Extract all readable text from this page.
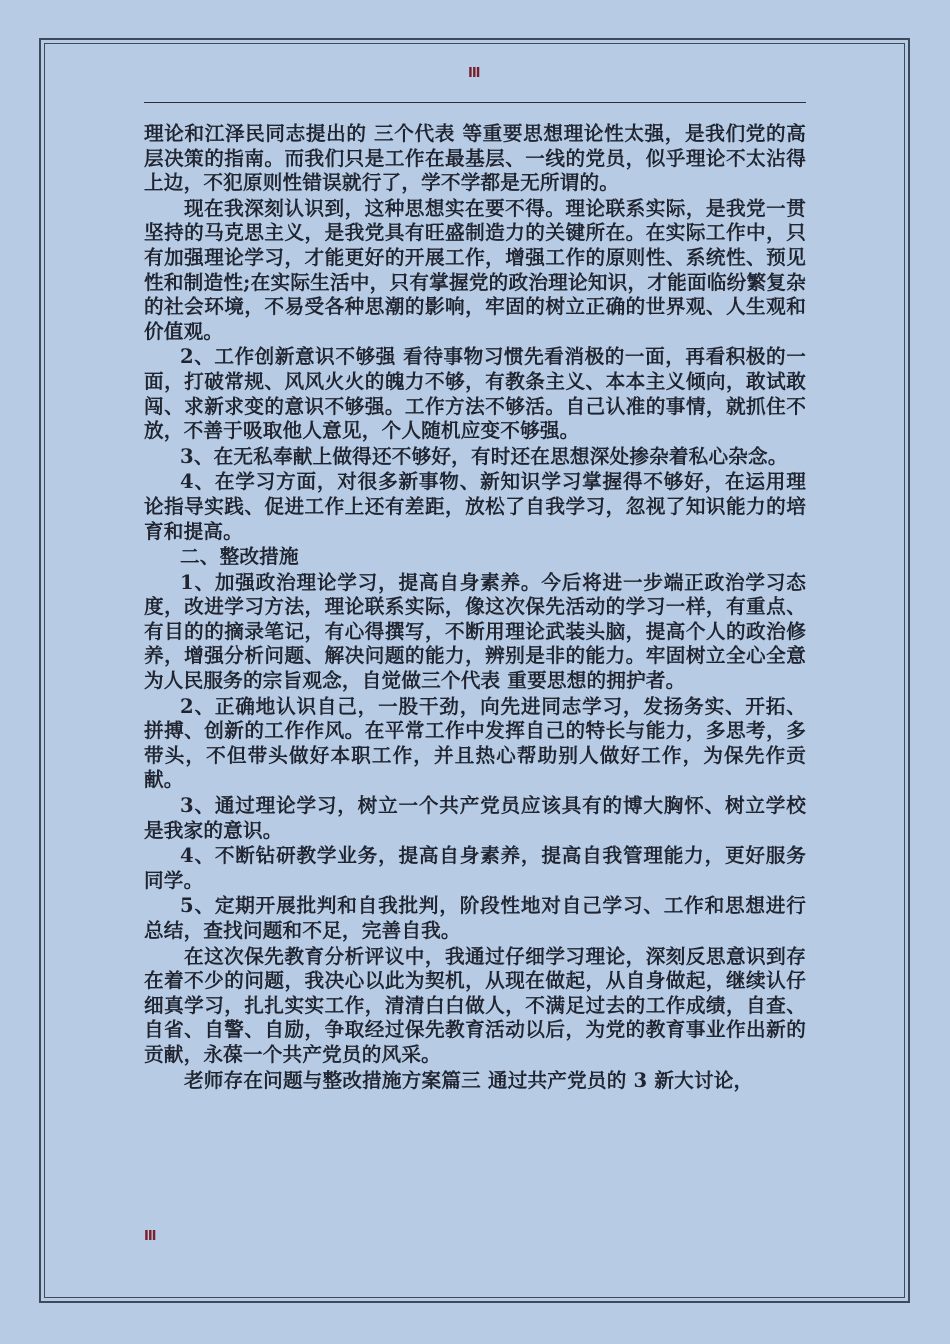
III

理论和江泽民同志提出的 三个代表 等重要思想理论性太强，是我们党的高层决策的指南。而我们只是工作在最基层、一线的党员，似乎理论不太沾得上边，不犯原则性错误就行了，学不学都是无所谓的。

现在我深刻认识到，这种思想实在要不得。理论联系实际，是我党一贯坚持的马克思主义，是我党具有旺盛制造力的关键所在。在实际工作中，只有加强理论学习，才能更好的开展工作，增强工作的原则性、系统性、预见性和制造性;在实际生活中，只有掌握党的政治理论知识，才能面临纷繁复杂的社会环境，不易受各种思潮的影响，牢固的树立正确的世界观、人生观和价值观。

2、工作创新意识不够强 看待事物习惯先看消极的一面，再看积极的一面，打破常规、风风火火的魄力不够，有教条主义、本本主义倾向，敢试敢闯、求新求变的意识不够强。工作方法不够活。自己认准的事情，就抓住不放，不善于吸取他人意见，个人随机应变不够强。

3、在无私奉献上做得还不够好，有时还在思想深处掺杂着私心杂念。

4、在学习方面，对很多新事物、新知识学习掌握得不够好，在运用理论指导实践、促进工作上还有差距，放松了自我学习，忽视了知识能力的培育和提高。

二、整改措施

1、加强政治理论学习，提高自身素养。今后将进一步端正政治学习态度，改进学习方法，理论联系实际，像这次保先活动的学习一样，有重点、有目的的摘录笔记，有心得撰写，不断用理论武装头脑，提高个人的政治修养，增强分析问题、解决问题的能力，辨别是非的能力。牢固树立全心全意为人民服务的宗旨观念，自觉做三个代表 重要思想的拥护者。

2、正确地认识自己，一股干劲，向先进同志学习，发扬务实、开拓、拼搏、创新的工作作风。在平常工作中发挥自己的特长与能力，多思考，多带头，不但带头做好本职工作，并且热心帮助别人做好工作，为保先作贡献。

3、通过理论学习，树立一个共产党员应该具有的博大胸怀、树立学校是我家的意识。

4、不断钻研教学业务，提高自身素养，提高自我管理能力，更好服务同学。

5、定期开展批判和自我批判，阶段性地对自己学习、工作和思想进行总结，查找问题和不足，完善自我。

在这次保先教育分析评议中，我通过仔细学习理论，深刻反思意识到存在着不少的问题，我决心以此为契机，从现在做起，从自身做起，继续认仔细真学习，扎扎实实工作，清清白白做人，不满足过去的工作成绩，自查、自省、自警、自励，争取经过保先教育活动以后，为党的教育事业作出新的贡献，永葆一个共产党员的风采。

老师存在问题与整改措施方案篇三 通过共产党员的 3 新大讨论，

III
